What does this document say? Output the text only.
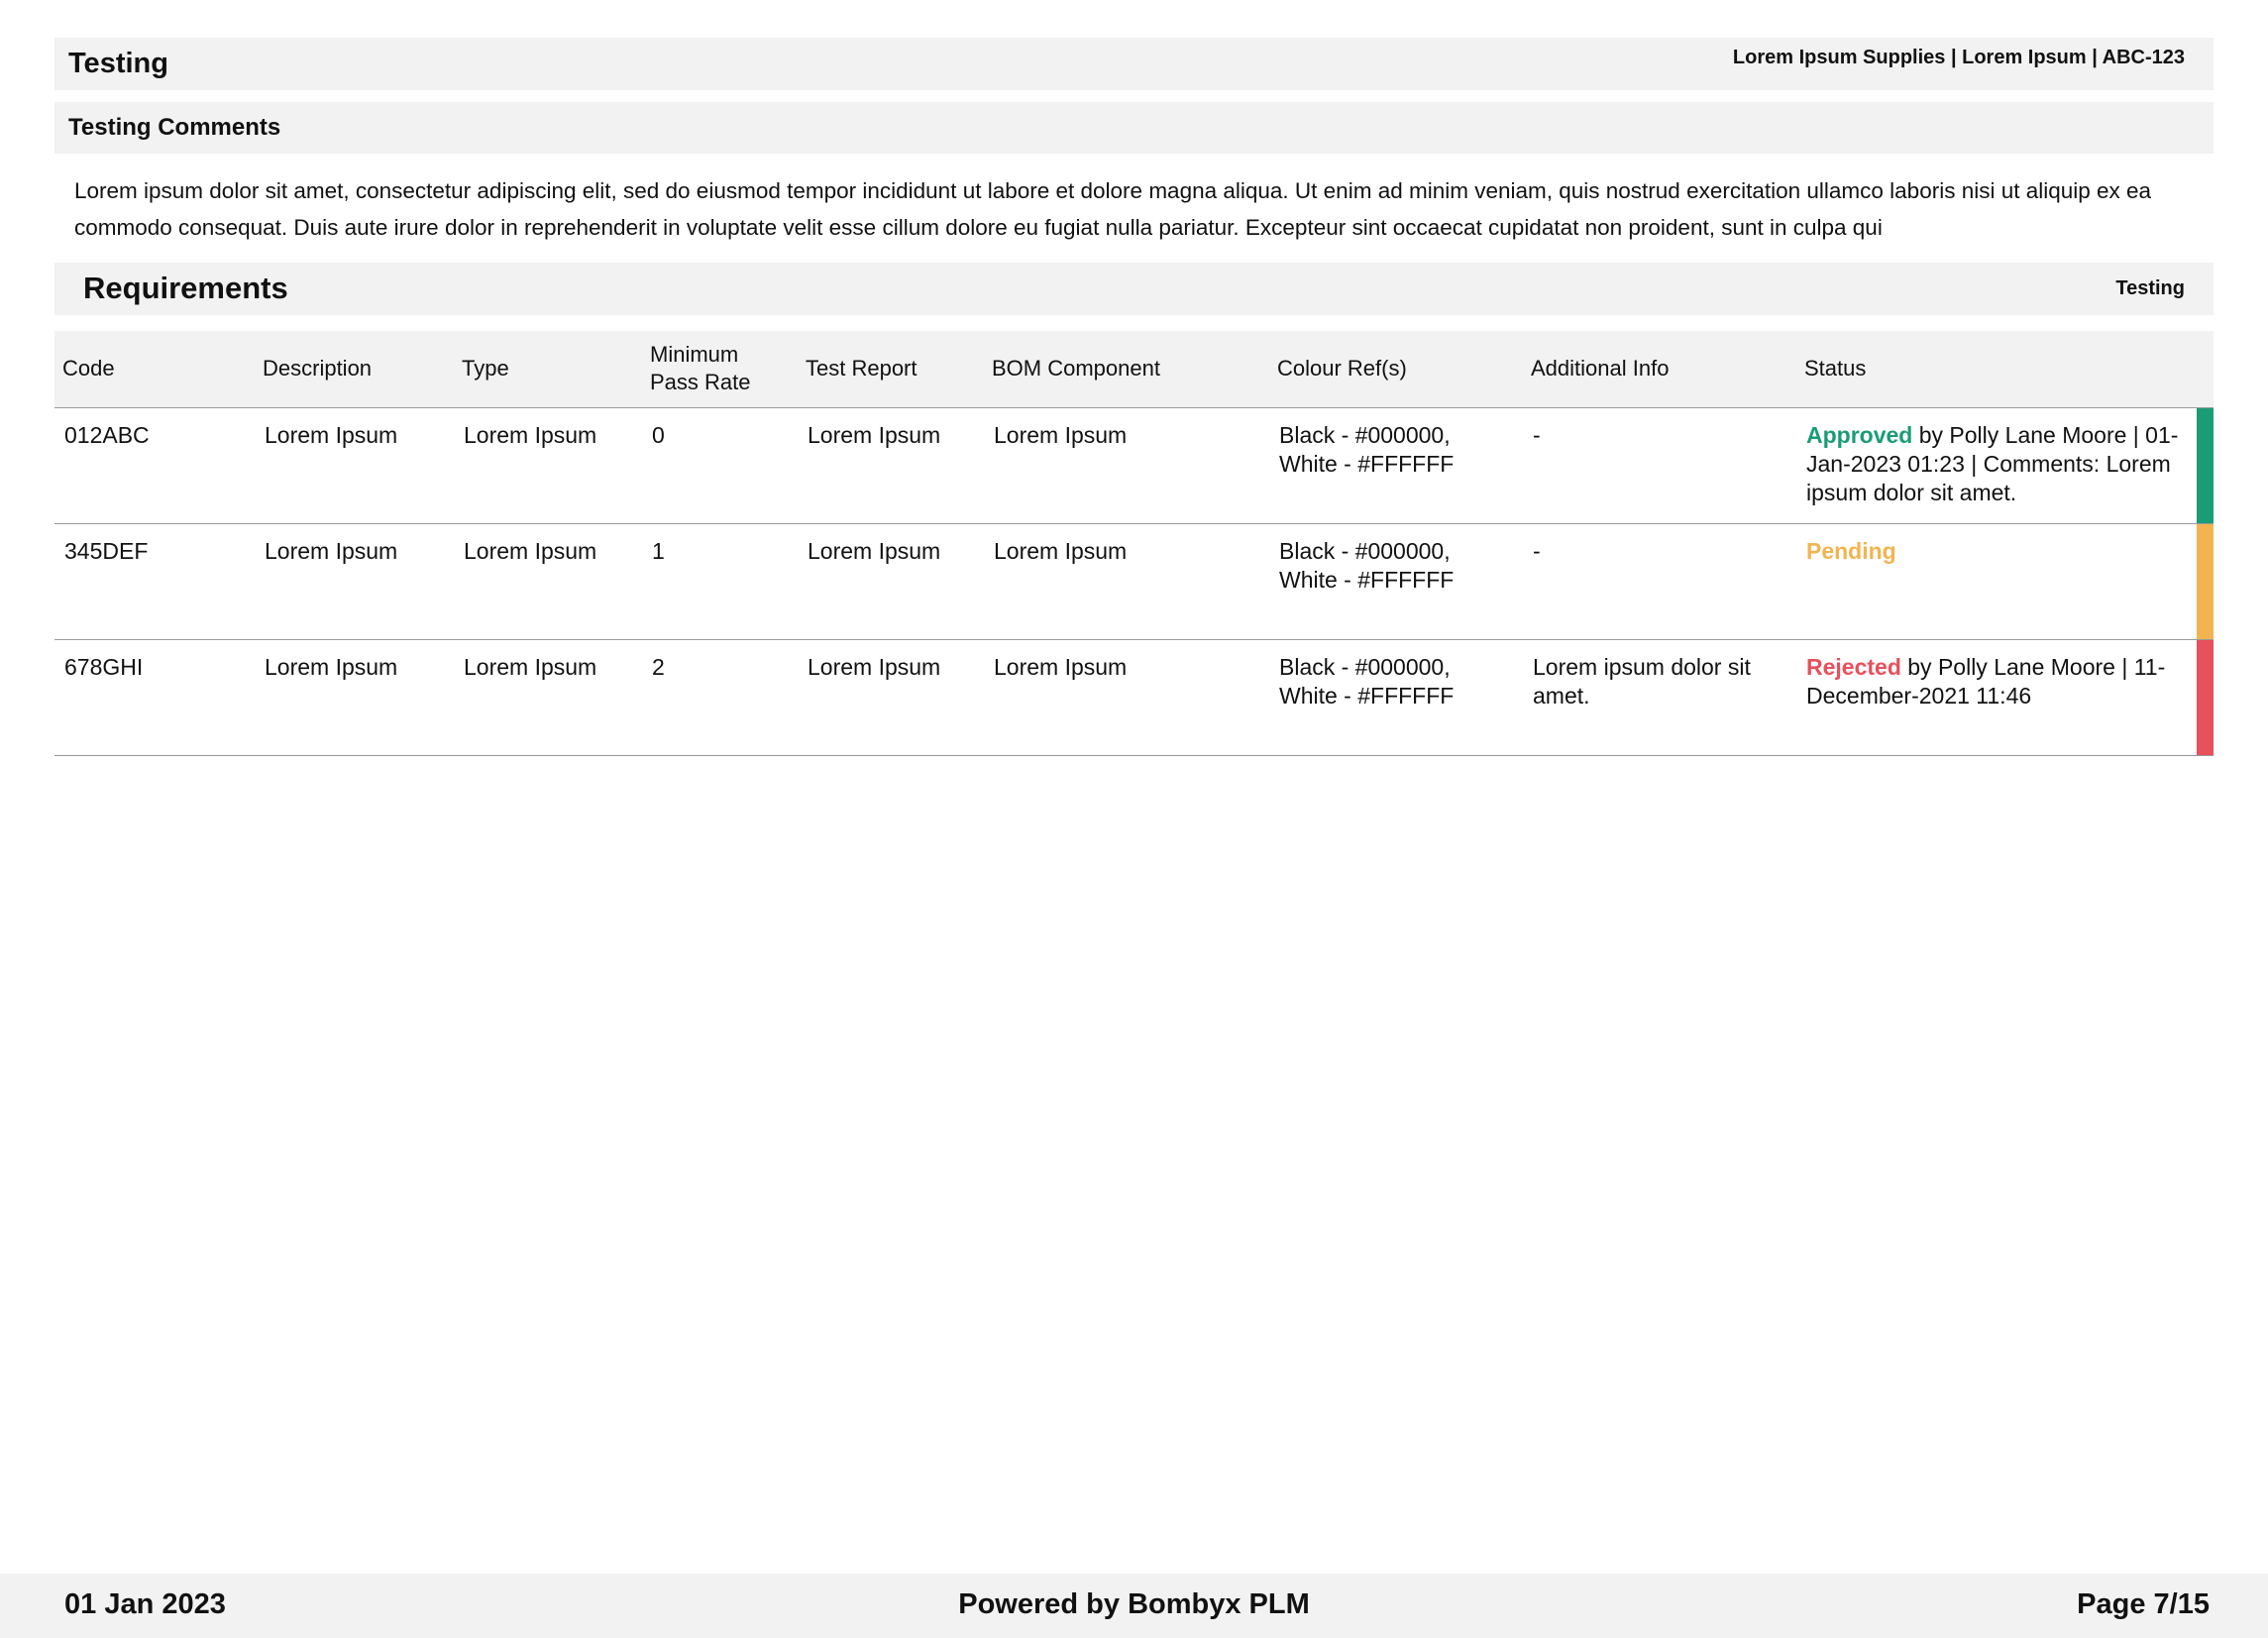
Testing	Lorem Ipsum Supplies | Lorem Ipsum | ABC-123
Testing Comments
Lorem ipsum dolor sit amet, consectetur adipiscing elit, sed do eiusmod tempor incididunt ut labore et dolore magna aliqua. Ut enim ad minim veniam, quis nostrud exercitation ullamco laboris nisi ut aliquip ex ea commodo consequat. Duis aute irure dolor in reprehenderit in voluptate velit esse cillum dolore eu fugiat nulla pariatur. Excepteur sint occaecat cupidatat non proident, sunt in culpa qui
Requirements	Testing
Code	Description	Type	Minimum Pass Rate	Test Report	BOM Component	Colour Ref(s)	Additional Info	Status	
012ABC	Lorem Ipsum	Lorem Ipsum	0	Lorem Ipsum	Lorem Ipsum	Black - #000000, White - #FFFFFF	-	Approved by Polly Lane Moore | 01-Jan-2023 01:23 | Comments: Lorem ipsum dolor sit amet.	

345DEF	Lorem Ipsum	Lorem Ipsum	1	Lorem Ipsum	Lorem Ipsum	Black - #000000, White - #FFFFFF	-	Pending	

678GHI	Lorem Ipsum	Lorem Ipsum	2	Lorem Ipsum	Lorem Ipsum	Black - #000000, White - #FFFFFF	Lorem ipsum dolor sit amet.	Rejected by Polly Lane Moore | 11-December-2021 11:46	
Powered by Bombyx PLM
01 Jan 2023	Page 7/15
